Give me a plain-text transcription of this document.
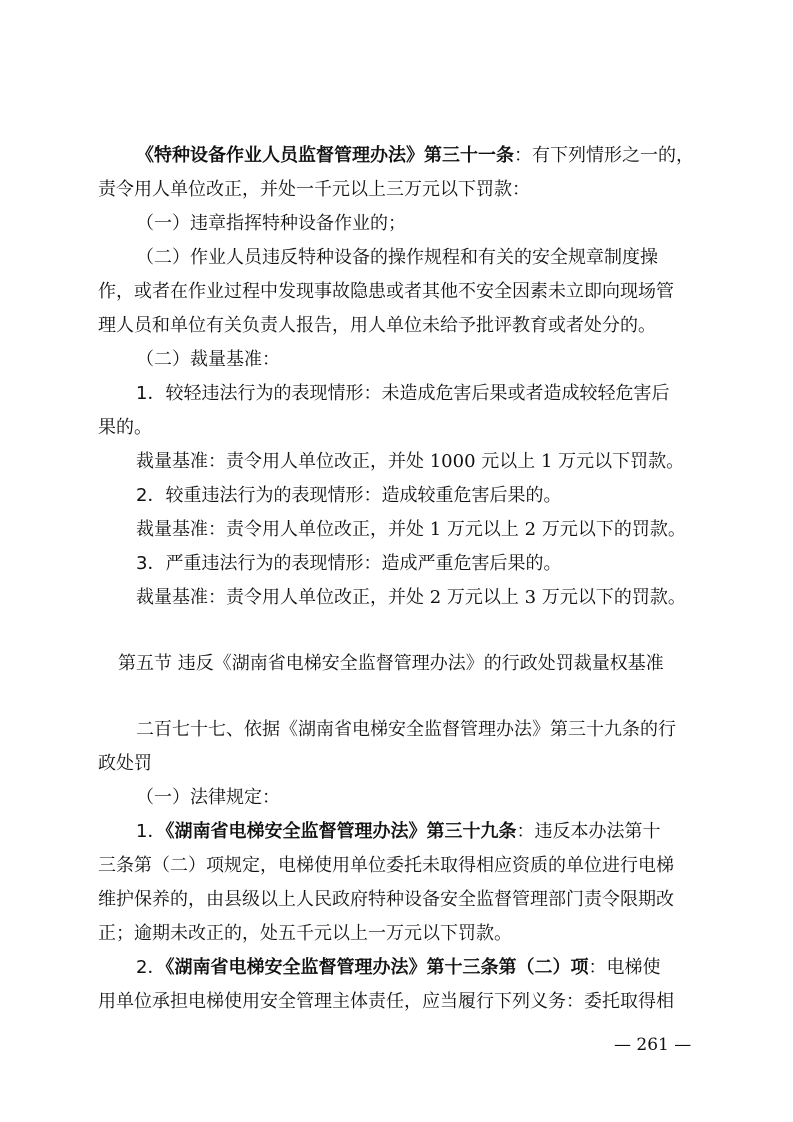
《特种设备作业人员监督管理办法》第三十一条：有下列情形之一的，
责令用人单位改正，并处一千元以上三万元以下罚款：
（一）违章指挥特种设备作业的；
（二）作业人员违反特种设备的操作规程和有关的安全规章制度操
作，或者在作业过程中发现事故隐患或者其他不安全因素未立即向现场管
理人员和单位有关负责人报告，用人单位未给予批评教育或者处分的。
（二）裁量基准：
1．较轻违法行为的表现情形：未造成危害后果或者造成较轻危害后
果的。
裁量基准：责令用人单位改正，并处 1000 元以上 1 万元以下罚款。
2．较重违法行为的表现情形：造成较重危害后果的。
裁量基准：责令用人单位改正，并处 1 万元以上 2 万元以下的罚款。
3．严重违法行为的表现情形：造成严重危害后果的。
裁量基准：责令用人单位改正，并处 2 万元以上 3 万元以下的罚款。
第五节 违反《湖南省电梯安全监督管理办法》的行政处罚裁量权基准
二百七十七、依据《湖南省电梯安全监督管理办法》第三十九条的行
政处罚
（一）法律规定：
1．《湖南省电梯安全监督管理办法》第三十九条：违反本办法第十
三条第（二）项规定，电梯使用单位委托未取得相应资质的单位进行电梯
维护保养的，由县级以上人民政府特种设备安全监督管理部门责令限期改
正；逾期未改正的，处五千元以上一万元以下罚款。
2．《湖南省电梯安全监督管理办法》第十三条第（二）项：电梯使
用单位承担电梯使用安全管理主体责任，应当履行下列义务：委托取得相
— 261 —
